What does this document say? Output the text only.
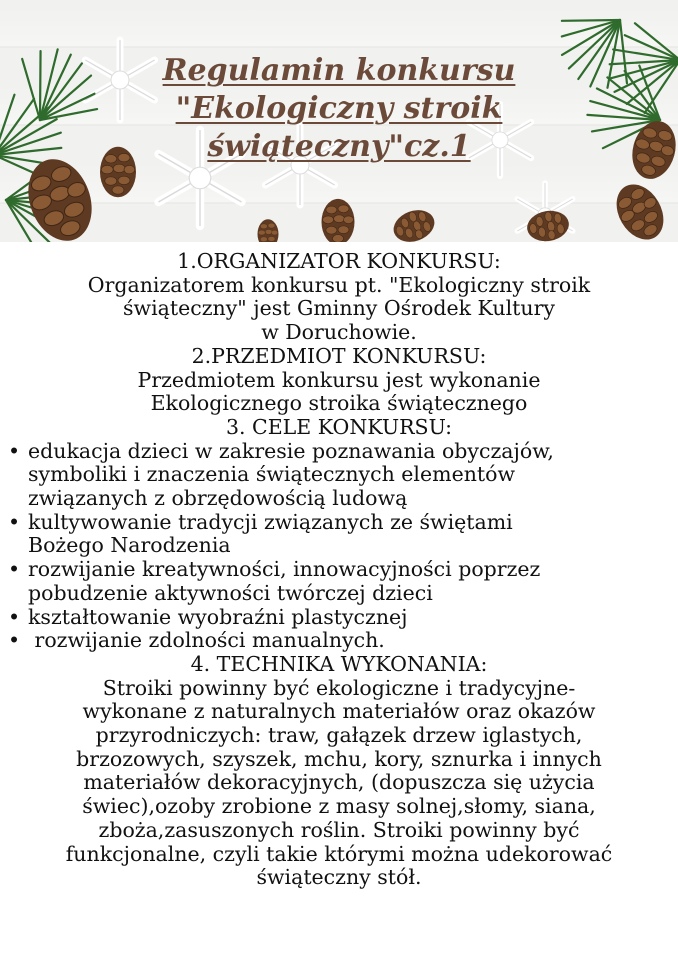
Regulamin konkursu
"Ekologiczny stroik
świąteczny"cz.1
1.ORGANIZATOR KONKURSU:
Organizatorem konkursu pt. "Ekologiczny stroik
świąteczny" jest Gminny Ośrodek Kultury
w Doruchowie.
2.PRZEDMIOT KONKURSU:
Przedmiotem konkursu jest wykonanie
Ekologicznego stroika świątecznego
3. CELE KONKURSU:
• edukacja dzieci w zakresie poznawania obyczajów,
symboliki i znaczenia świątecznych elementów
związanych z obrzędowością ludową
• kultywowanie tradycji związanych ze świętami
Bożego Narodzenia
• rozwijanie kreatywności, innowacyjności poprzez
pobudzenie aktywności twórczej dzieci
• kształtowanie wyobraźni plastycznej
• rozwijanie zdolności manualnych.
4. TECHNIKA WYKONANIA:
Stroiki powinny być ekologiczne i tradycyjne-
wykonane z naturalnych materiałów oraz okazów
przyrodniczych: traw, gałązek drzew iglastych,
brzozowych, szyszek, mchu, kory, sznurka i innych
materiałów dekoracyjnych, (dopuszcza się użycia
świec),ozoby zrobione z masy solnej,słomy, siana,
zboża,zasuszonych roślin. Stroiki powinny być
funkcjonalne, czyli takie którymi można udekorować
świąteczny stół.
